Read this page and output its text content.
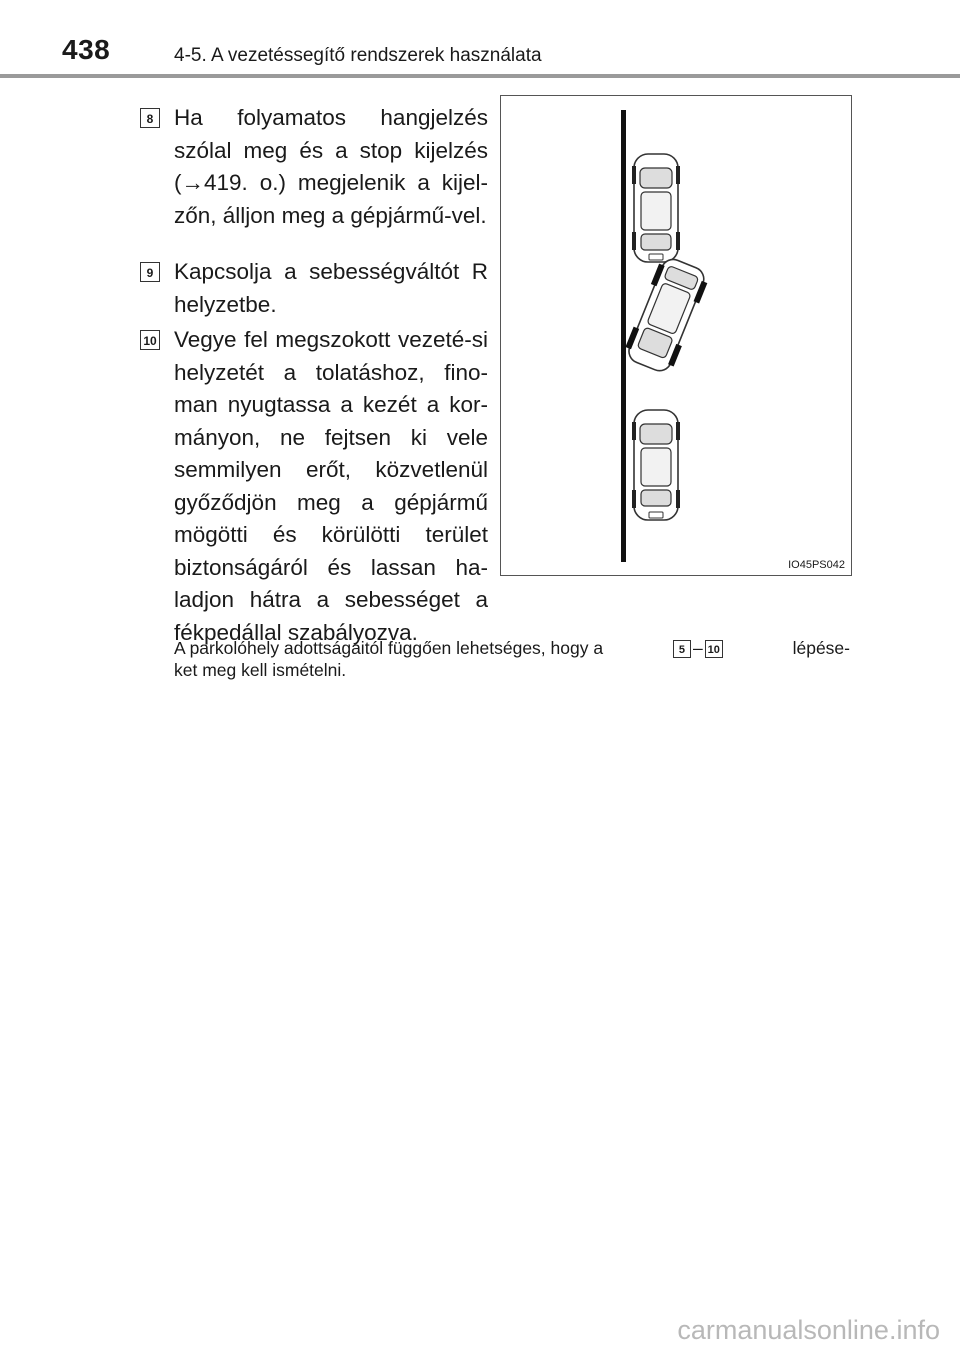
438	4-5. A vezetéssegítő rendszerek használata
8 Ha folyamatos hangjelzés szólal meg és a stop kijelzés (→419. o.) megjelenik a kijel-zőn, álljon meg a gépjármű-vel.
9 Kapcsolja a sebességváltót R helyzetbe.
10 Vegye fel megszokott vezeté-si helyzetét a tolatáshoz, fino-man nyugtassa a kezét a kor-mányon, ne fejtsen ki vele semmilyen erőt, közvetlenül győződjön meg a gépjármű mögötti és körülötti terület biztonságáról és lassan ha-ladjon hátra a sebességet a fékpedállal szabályozva.
IO45PS042
A parkolóhely adottságaitól függően lehetséges, hogy a	5 – 10	lépése-
ket meg kell ismételni.
carmanualsonline.info
